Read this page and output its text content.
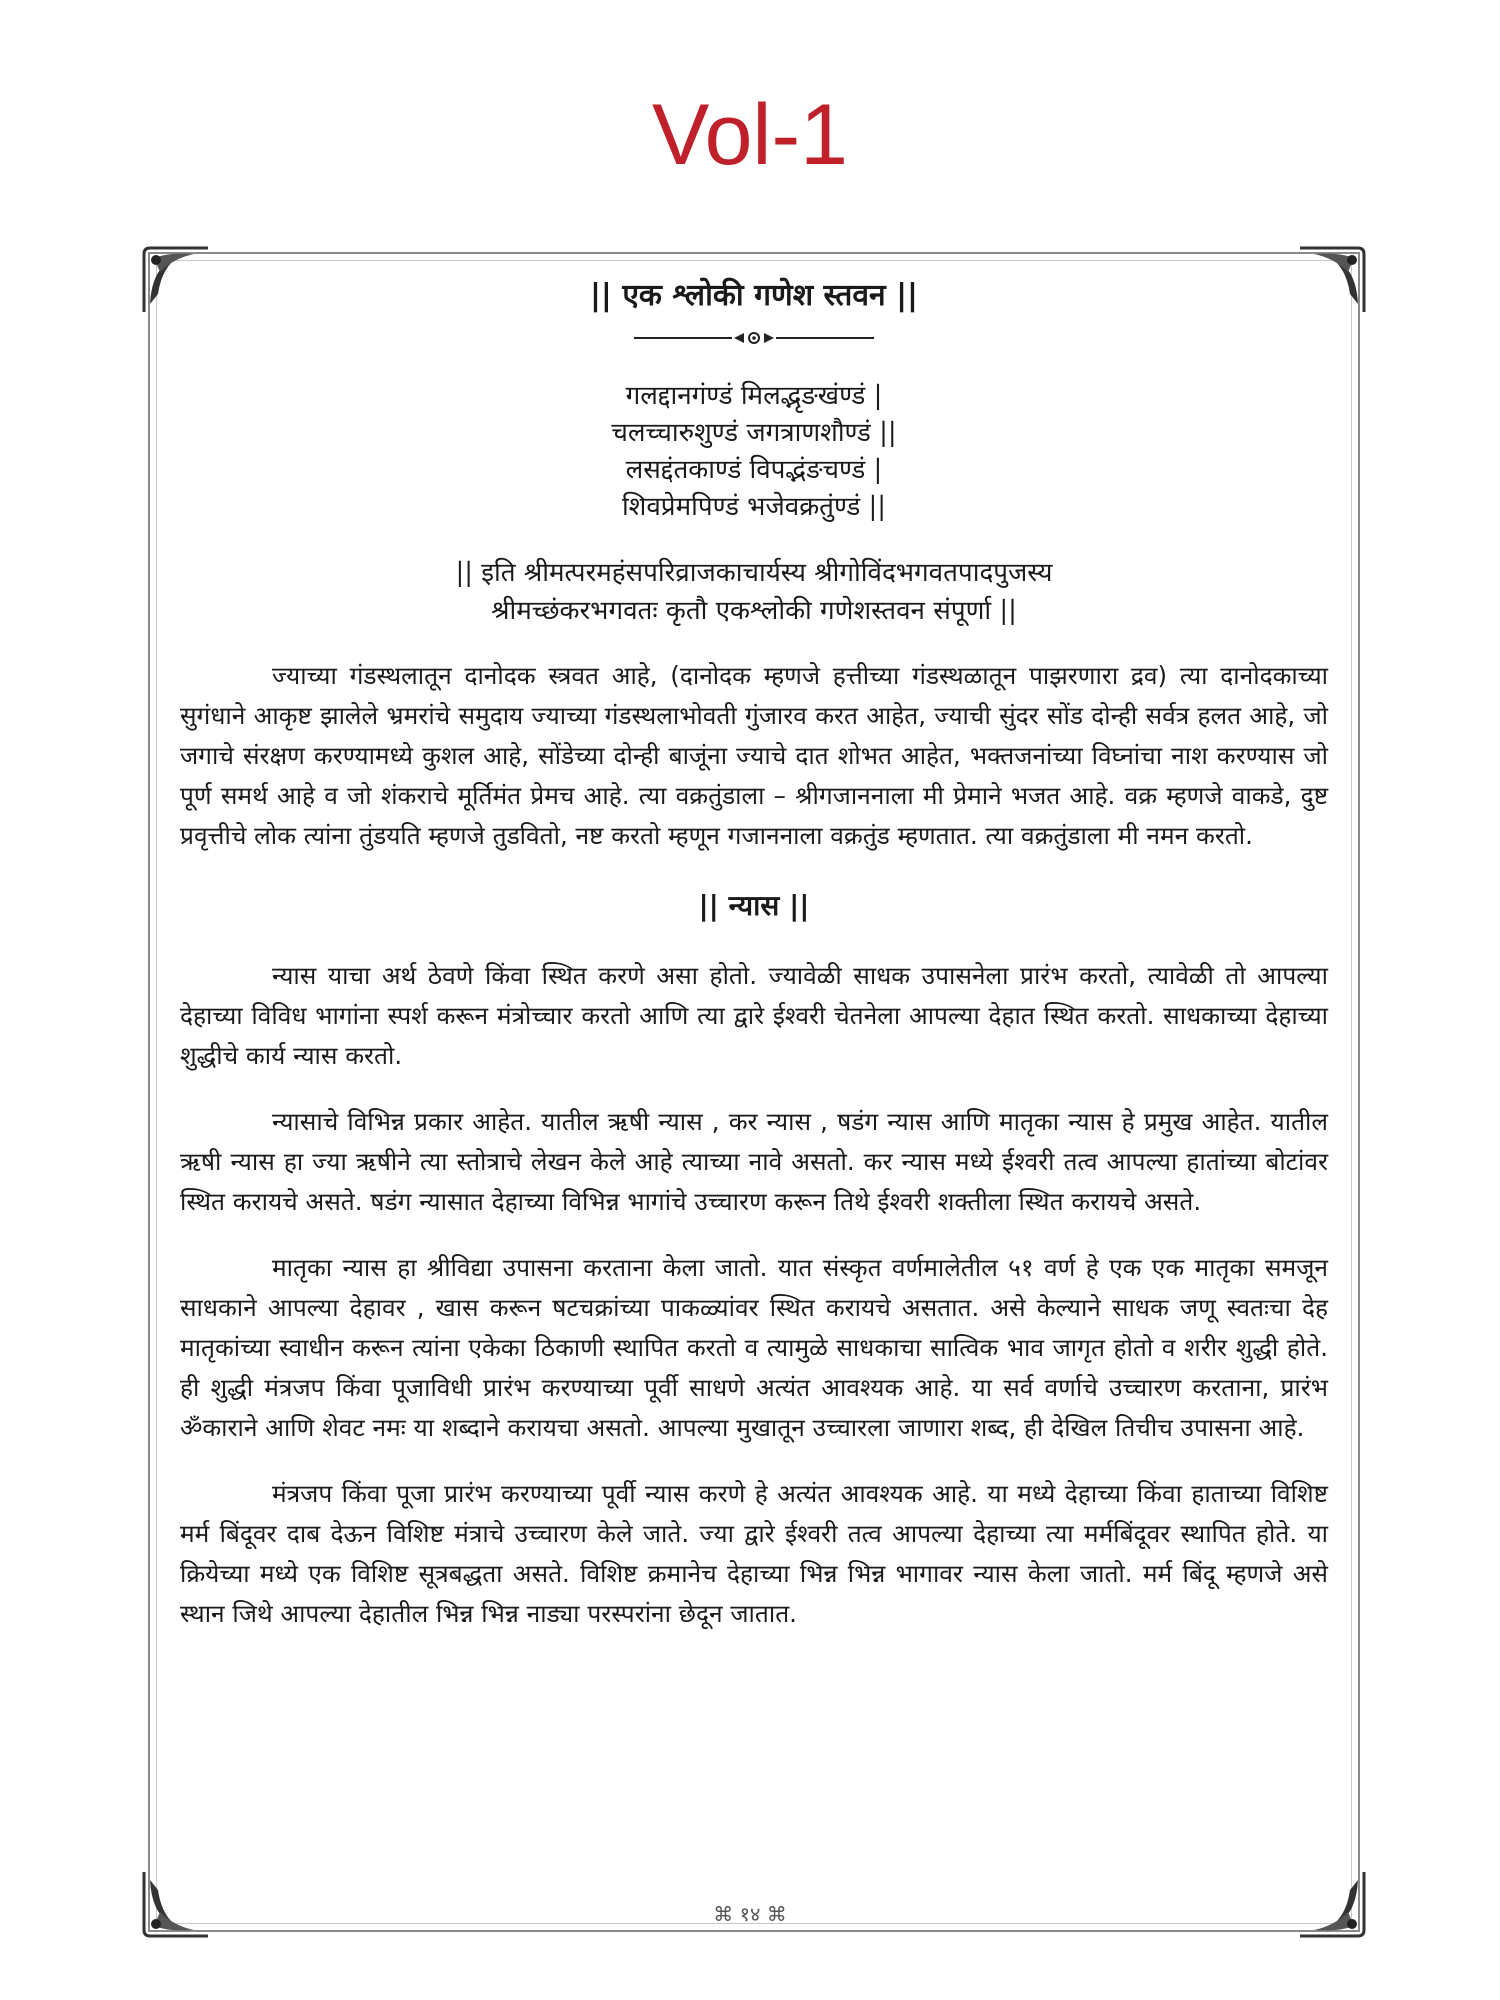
Vol-1
|| एक श्लोकी गणेश स्तवन ||
गलद्दानगंण्डं मिलद्भृङखंण्डं |
चलच्चारुशुण्डं जगत्राणशौण्डं ||
लसद्दंतकाण्डं विपद्भंङचण्डं |
शिवप्रेमपिण्डं भजेवक्रतुंण्डं ||
|| इति श्रीमत्परमहंसपरिव्राजकाचार्यस्य श्रीगोविंदभगवतपादपुजस्य
श्रीमच्छंकरभगवतः कृतौ एकश्लोकी गणेशस्तवन संपूर्णा ||

ज्याच्या गंडस्थलातून दानोदक स्त्रवत आहे, (दानोदक म्हणजे हत्तीच्या गंडस्थळातून पाझरणारा द्रव) त्या दानोदकाच्या सुगंधाने आकृष्ट झालेले भ्रमरांचे समुदाय ज्याच्या गंडस्थलाभोवती गुंजारव करत आहेत, ज्याची सुंदर सोंड दोन्ही सर्वत्र हलत आहे, जो जगाचे संरक्षण करण्यामध्ये कुशल आहे, सोंडेच्या दोन्ही बाजूंना ज्याचे दात शोभत आहेत, भक्तजनांच्या विघ्नांचा नाश करण्यास जो पूर्ण समर्थ आहे व जो शंकराचे मूर्तिमंत प्रेमच आहे. त्या वक्रतुंडाला – श्रीगजाननाला मी प्रेमाने भजत आहे. वक्र म्हणजे वाकडे, दुष्ट प्रवृत्तीचे लोक त्यांना तुंडयति म्हणजे तुडवितो, नष्ट करतो म्हणून गजाननाला वक्रतुंड म्हणतात. त्या वक्रतुंडाला मी नमन करतो.

|| न्यास ||

न्यास याचा अर्थ ठेवणे किंवा स्थित करणे असा होतो. ज्यावेळी साधक उपासनेला प्रारंभ करतो, त्यावेळी तो आपल्या देहाच्या विविध भागांना स्पर्श करून मंत्रोच्चार करतो आणि त्या द्वारे ईश्वरी चेतनेला आपल्या देहात स्थित करतो. साधकाच्या देहाच्या शुद्धीचे कार्य न्यास करतो.

न्यासाचे विभिन्न प्रकार आहेत. यातील ऋषी न्यास , कर न्यास , षडंग न्यास आणि मातृका न्यास हे प्रमुख आहेत. यातील ऋषी न्यास हा ज्या ऋषीने त्या स्तोत्राचे लेखन केले आहे त्याच्या नावे असतो. कर न्यास मध्ये ईश्वरी तत्व आपल्या हातांच्या बोटांवर स्थित करायचे असते. षडंग न्यासात देहाच्या विभिन्न भागांचे उच्चारण करून तिथे ईश्वरी शक्तीला स्थित करायचे असते.

मातृका न्यास हा श्रीविद्या उपासना करताना केला जातो. यात संस्कृत वर्णमालेतील ५१ वर्ण हे एक एक मातृका समजून साधकाने आपल्या देहावर , खास करून षटचक्रांच्या पाकळ्यांवर स्थित करायचे असतात. असे केल्याने साधक जणू स्वतःचा देह मातृकांच्या स्वाधीन करून त्यांना एकेका ठिकाणी स्थापित करतो व त्यामुळे साधकाचा सात्विक भाव जागृत होतो व शरीर शुद्धी होते. ही शुद्धी मंत्रजप किंवा पूजाविधी प्रारंभ करण्याच्या पूर्वी साधणे अत्यंत आवश्यक आहे. या सर्व वर्णाचे उच्चारण करताना, प्रारंभ ॐकाराने आणि शेवट नमः या शब्दाने करायचा असतो. आपल्या मुखातून उच्चारला जाणारा शब्द, ही देखिल तिचीच उपासना आहे.

मंत्रजप किंवा पूजा प्रारंभ करण्याच्या पूर्वी न्यास करणे हे अत्यंत आवश्यक आहे. या मध्ये देहाच्या किंवा हाताच्या विशिष्ट मर्म बिंदूवर दाब देऊन विशिष्ट मंत्राचे उच्चारण केले जाते. ज्या द्वारे ईश्वरी तत्व आपल्या देहाच्या त्या मर्मबिंदूवर स्थापित होते. या क्रियेच्या मध्ये एक विशिष्ट सूत्रबद्धता असते. विशिष्ट क्रमानेच देहाच्या भिन्न भिन्न भागावर न्यास केला जातो. मर्म बिंदू म्हणजे असे स्थान जिथे आपल्या देहातील भिन्न भिन्न नाड्या परस्परांना छेदून जातात.

⌘ १४ ⌘
